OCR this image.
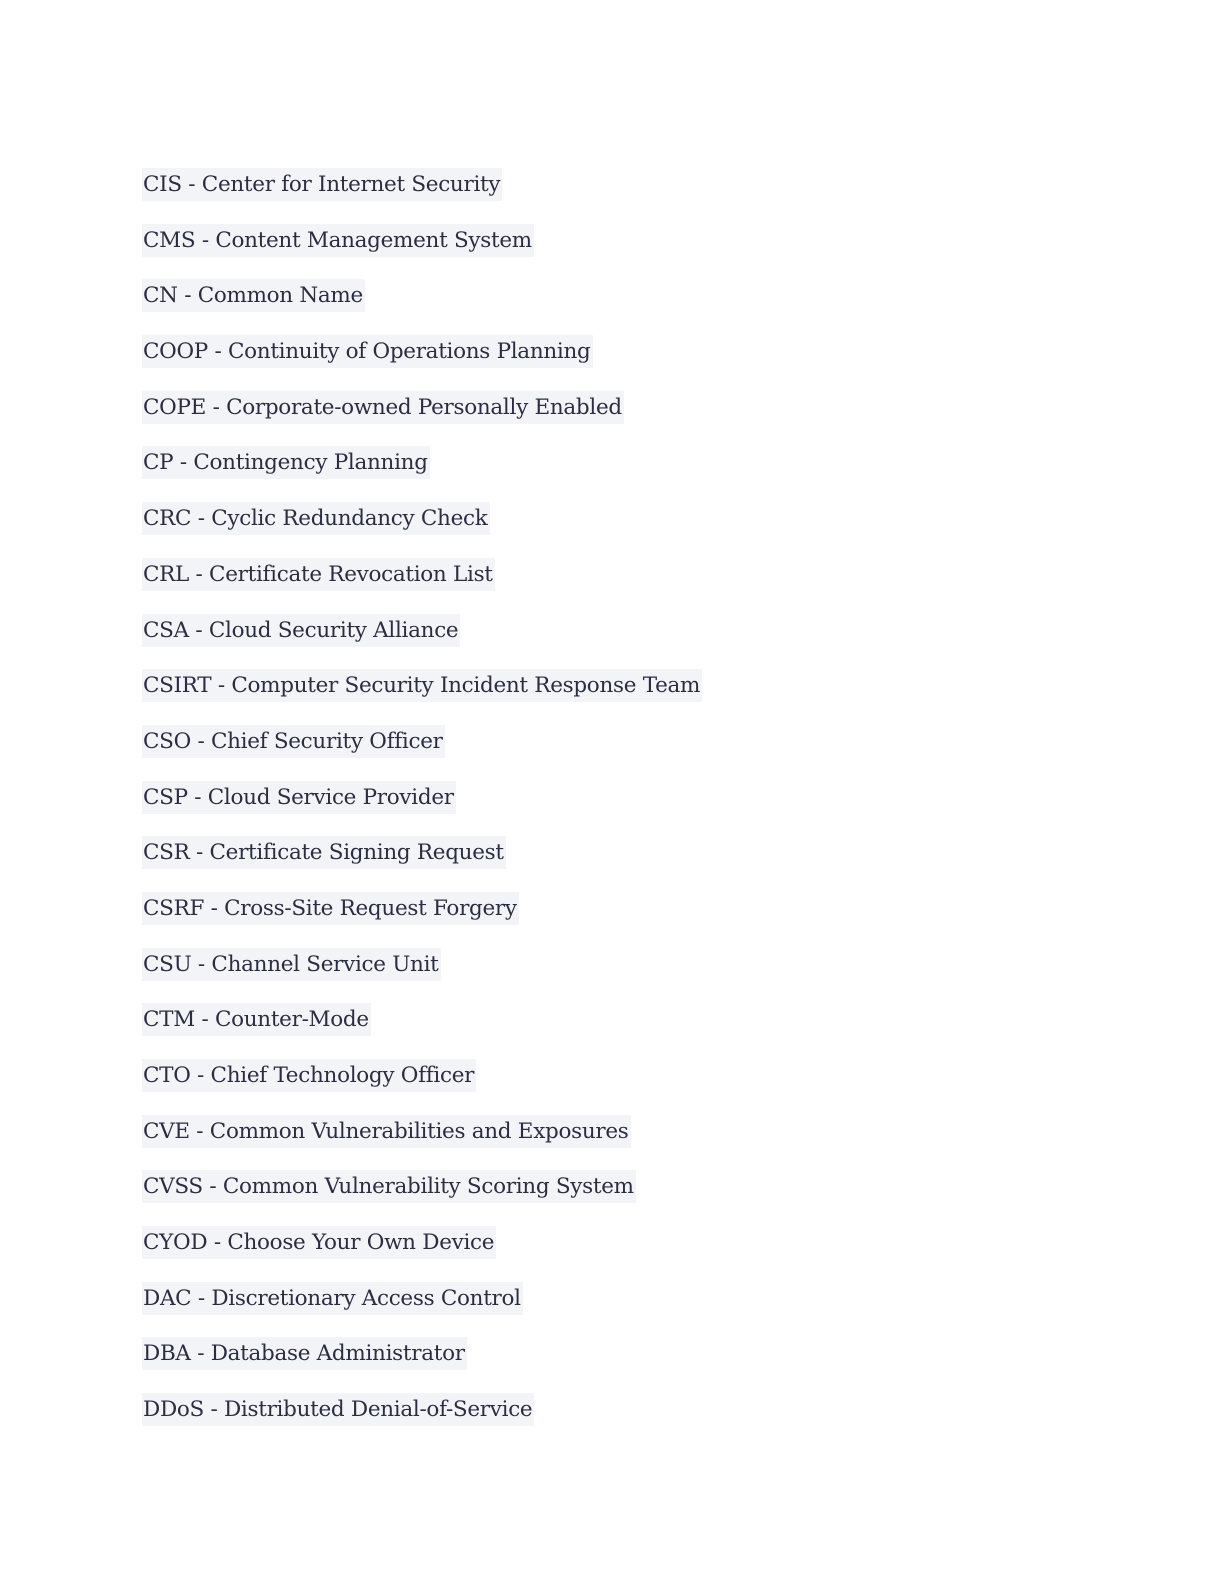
CIS - Center for Internet Security
CMS - Content Management System
CN - Common Name
COOP - Continuity of Operations Planning
COPE - Corporate-owned Personally Enabled
CP - Contingency Planning
CRC - Cyclic Redundancy Check
CRL - Certificate Revocation List
CSA - Cloud Security Alliance
CSIRT - Computer Security Incident Response Team
CSO - Chief Security Officer
CSP - Cloud Service Provider
CSR - Certificate Signing Request
CSRF - Cross-Site Request Forgery
CSU - Channel Service Unit
CTM - Counter-Mode
CTO - Chief Technology Officer
CVE - Common Vulnerabilities and Exposures
CVSS - Common Vulnerability Scoring System
CYOD - Choose Your Own Device
DAC - Discretionary Access Control
DBA - Database Administrator
DDoS - Distributed Denial-of-Service
